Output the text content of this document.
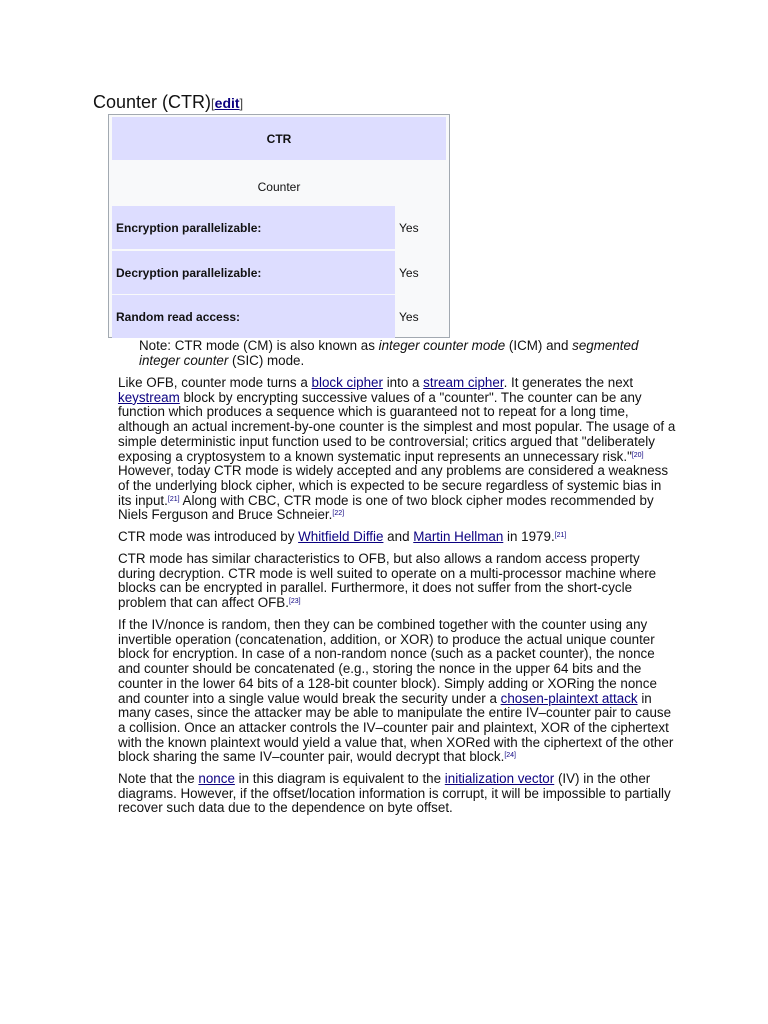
Counter (CTR)[edit]
CTR
Counter
Encryption parallelizable:	Yes
Decryption parallelizable:	Yes
Random read access:	Yes
Note: CTR mode (CM) is also known as integer counter mode (ICM) and segmented integer counter (SIC) mode.
Like OFB, counter mode turns a block cipher into a stream cipher. It generates the next keystream block by encrypting successive values of a "counter". The counter can be any function which produces a sequence which is guaranteed not to repeat for a long time, although an actual increment-by-one counter is the simplest and most popular. The usage of a simple deterministic input function used to be controversial; critics argued that "deliberately exposing a cryptosystem to a known systematic input represents an unnecessary risk."[20] However, today CTR mode is widely accepted and any problems are considered a weakness of the underlying block cipher, which is expected to be secure regardless of systemic bias in its input.[21] Along with CBC, CTR mode is one of two block cipher modes recommended by Niels Ferguson and Bruce Schneier.[22]
CTR mode was introduced by Whitfield Diffie and Martin Hellman in 1979.[21]
CTR mode has similar characteristics to OFB, but also allows a random access property during decryption. CTR mode is well suited to operate on a multi-processor machine where blocks can be encrypted in parallel. Furthermore, it does not suffer from the short-cycle problem that can affect OFB.[23]
If the IV/nonce is random, then they can be combined together with the counter using any invertible operation (concatenation, addition, or XOR) to produce the actual unique counter block for encryption. In case of a non-random nonce (such as a packet counter), the nonce and counter should be concatenated (e.g., storing the nonce in the upper 64 bits and the counter in the lower 64 bits of a 128-bit counter block). Simply adding or XORing the nonce and counter into a single value would break the security under a chosen-plaintext attack in many cases, since the attacker may be able to manipulate the entire IV–counter pair to cause a collision. Once an attacker controls the IV–counter pair and plaintext, XOR of the ciphertext with the known plaintext would yield a value that, when XORed with the ciphertext of the other block sharing the same IV–counter pair, would decrypt that block.[24]
Note that the nonce in this diagram is equivalent to the initialization vector (IV) in the other diagrams. However, if the offset/location information is corrupt, it will be impossible to partially recover such data due to the dependence on byte offset.
